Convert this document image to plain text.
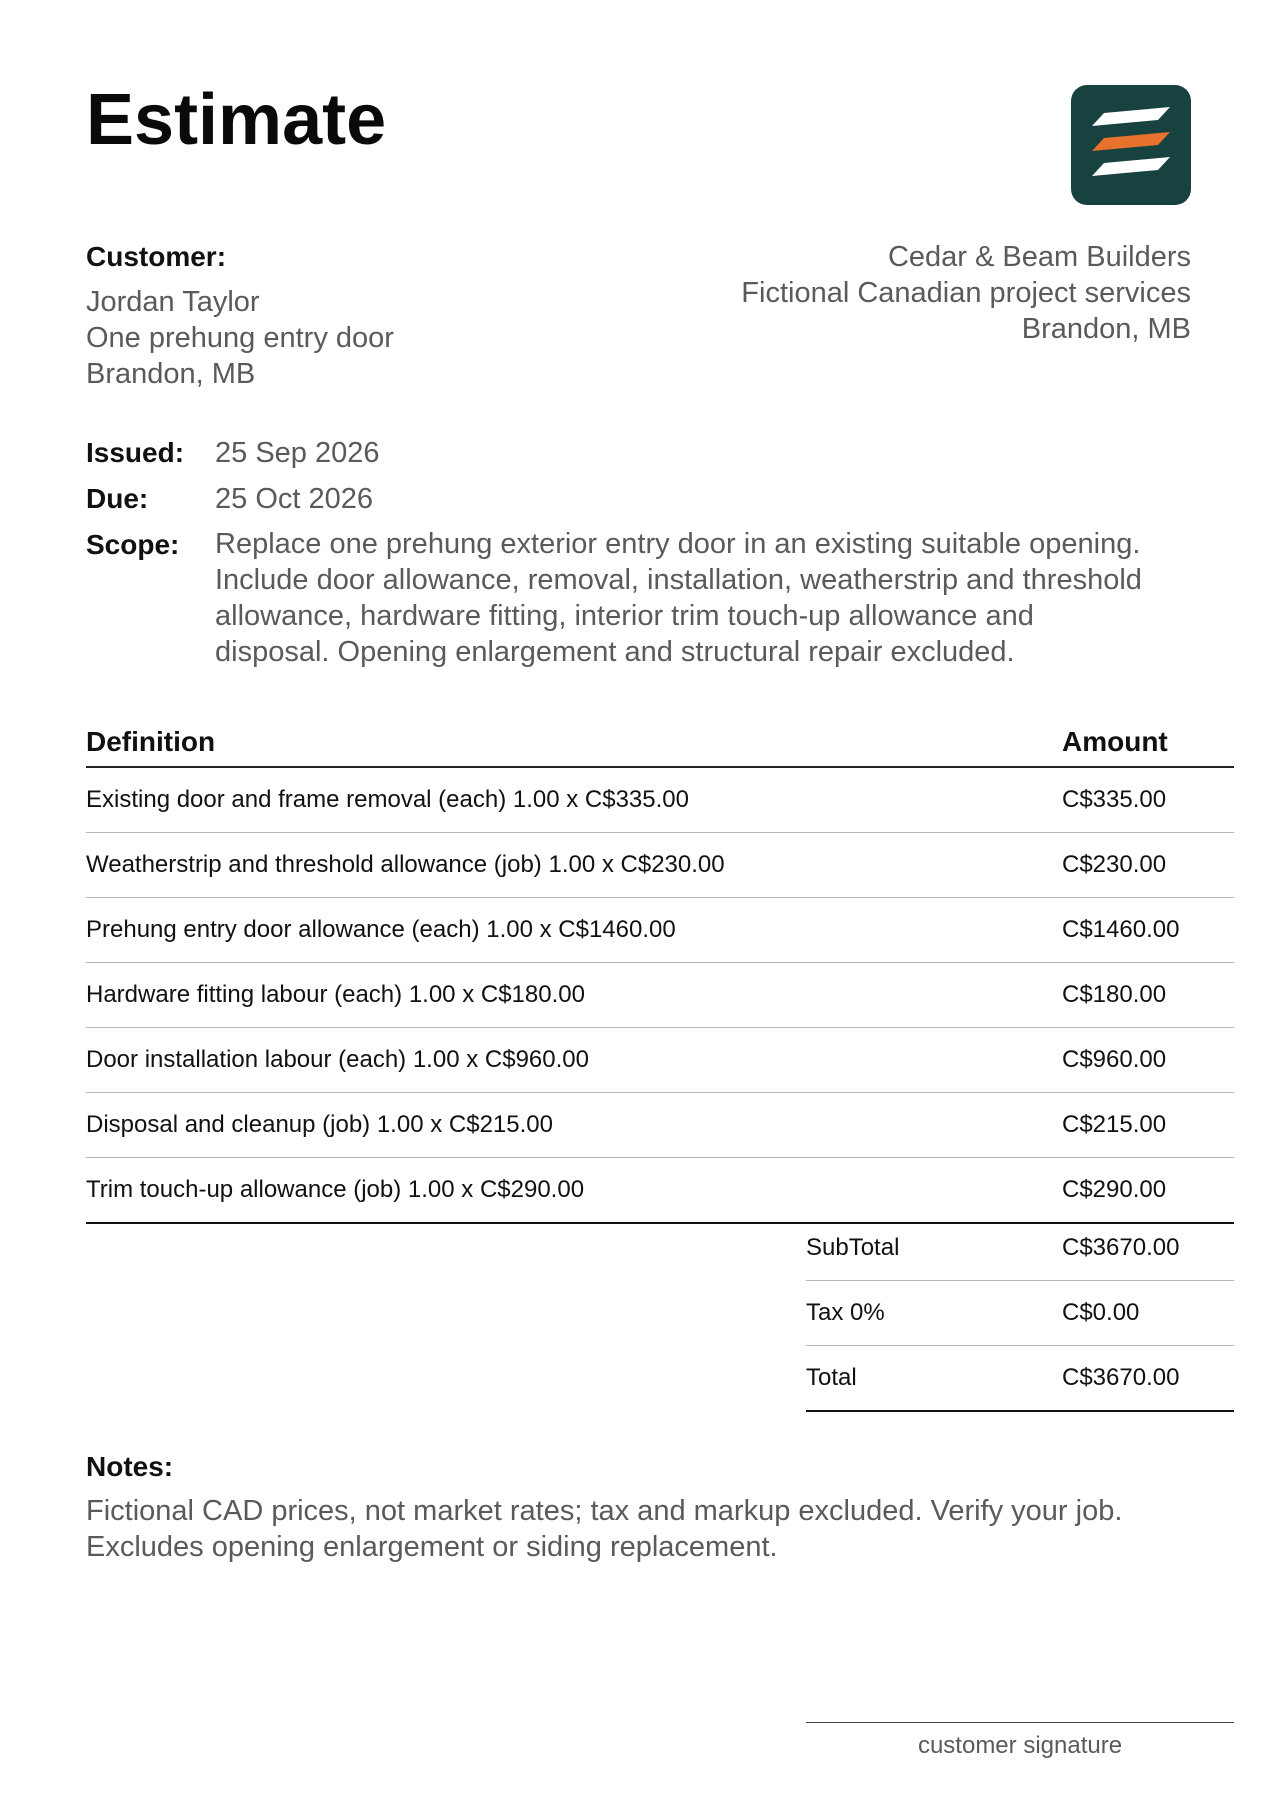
Estimate
Customer:
Jordan Taylor
One prehung entry door
Brandon, MB
Cedar & Beam Builders
Fictional Canadian project services
Brandon, MB
Issued:	25 Sep 2026
Due:	25 Oct 2026
Scope:	Replace one prehung exterior entry door in an existing suitable opening.
Include door allowance, removal, installation, weatherstrip and threshold
allowance, hardware fitting, interior trim touch-up allowance and
disposal. Opening enlargement and structural repair excluded.
Definition	Amount
Existing door and frame removal (each) 1.00 x C$335.00	C$335.00
Weatherstrip and threshold allowance (job) 1.00 x C$230.00	C$230.00
Prehung entry door allowance (each) 1.00 x C$1460.00	C$1460.00
Hardware fitting labour (each) 1.00 x C$180.00	C$180.00
Door installation labour (each) 1.00 x C$960.00	C$960.00
Disposal and cleanup (job) 1.00 x C$215.00	C$215.00
Trim touch-up allowance (job) 1.00 x C$290.00	C$290.00
SubTotal	C$3670.00
Tax 0%	C$0.00
Total	C$3670.00
Notes:
Fictional CAD prices, not market rates; tax and markup excluded. Verify your job.
Excludes opening enlargement or siding replacement.
customer signature
